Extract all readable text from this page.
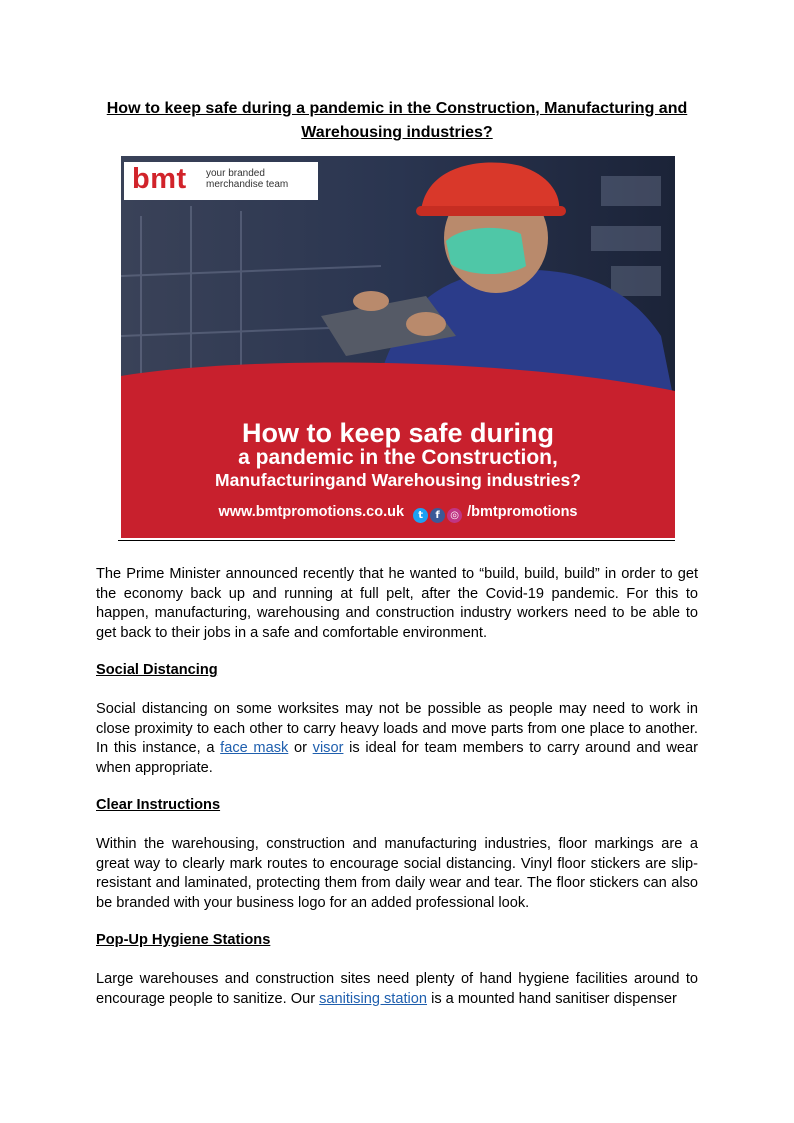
How to keep safe during a pandemic in the Construction, Manufacturing and
Warehousing industries?
bmt your branded
merchandise team
How to keep safe during
a pandemic in the Construction,
Manufacturingand Warehousing industries?
www.bmtpromotions.co.uk t f ◎ /bmtpromotions
The Prime Minister announced recently that he wanted to “build, build, build” in order to get the economy back up and running at full pelt, after the Covid-19 pandemic. For this to happen, manufacturing, warehousing and construction industry workers need to be able to get back to their jobs in a safe and comfortable environment.
Social Distancing
Social distancing on some worksites may not be possible as people may need to work in close proximity to each other to carry heavy loads and move parts from one place to another. In this instance, a face mask or visor is ideal for team members to carry around and wear when appropriate.
Clear Instructions
Within the warehousing, construction and manufacturing industries, floor markings are a great way to clearly mark routes to encourage social distancing. Vinyl floor stickers are slip-resistant and laminated, protecting them from daily wear and tear. The floor stickers can also be branded with your business logo for an added professional look.
Pop-Up Hygiene Stations
Large warehouses and construction sites need plenty of hand hygiene facilities around to encourage people to sanitize. Our sanitising station is a mounted hand sanitiser dispenser
